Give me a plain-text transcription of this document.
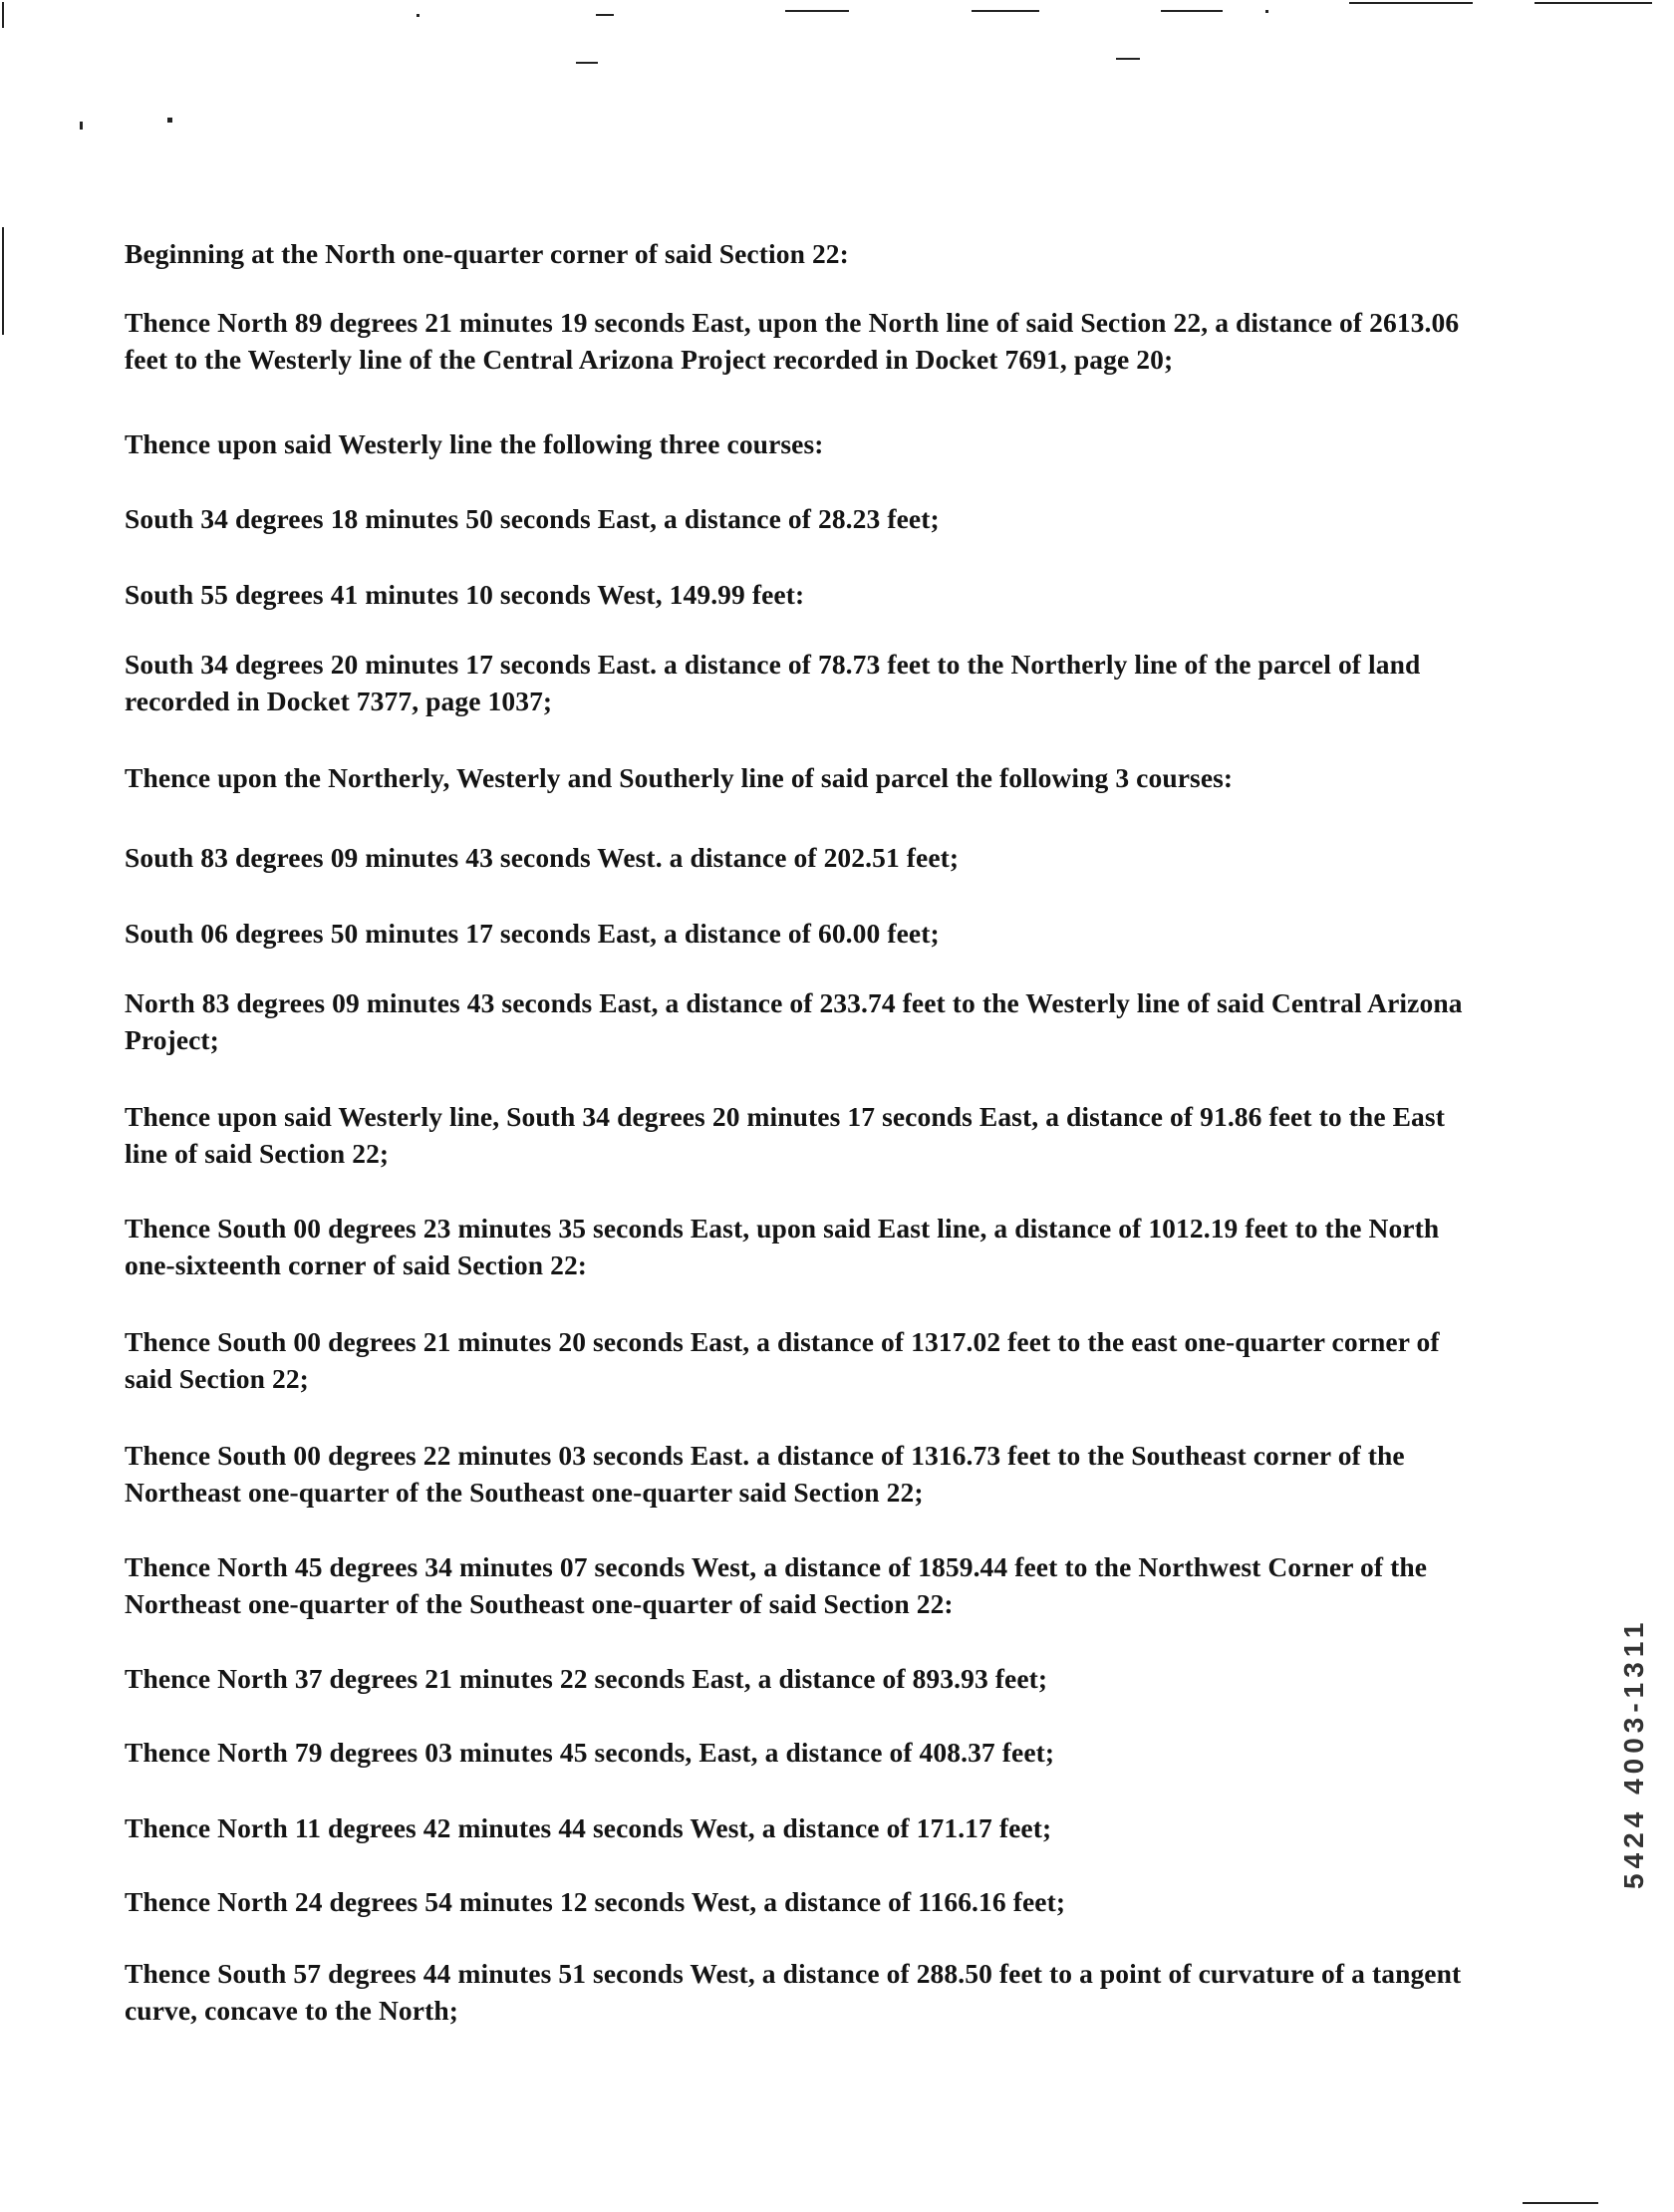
Beginning at the North one-quarter corner of said Section 22:
Thence North 89 degrees 21 minutes 19 seconds East, upon the North line of said Section 22, a distance of 2613.06
feet to the Westerly line of the Central Arizona Project recorded in Docket 7691, page 20;
Thence upon said Westerly line the following three courses:
South 34 degrees 18 minutes 50 seconds East, a distance of 28.23 feet;
South 55 degrees 41 minutes 10 seconds West, 149.99 feet:
South 34 degrees 20 minutes 17 seconds East. a distance of 78.73 feet to the Northerly line of the parcel of land
recorded in Docket 7377, page 1037;
Thence upon the Northerly, Westerly and Southerly line of said parcel the following 3 courses:
South 83 degrees 09 minutes 43 seconds West. a distance of 202.51 feet;
South 06 degrees 50 minutes 17 seconds East, a distance of 60.00 feet;
North 83 degrees 09 minutes 43 seconds East, a distance of 233.74 feet to the Westerly line of said Central Arizona
Project;
Thence upon said Westerly line, South 34 degrees 20 minutes 17 seconds East, a distance of 91.86 feet to the East
line of said Section 22;
Thence South 00 degrees 23 minutes 35 seconds East, upon said East line, a distance of 1012.19 feet to the North
one-sixteenth corner of said Section 22:
Thence South 00 degrees 21 minutes 20 seconds East, a distance of 1317.02 feet to the east one-quarter corner of
said Section 22;
Thence South 00 degrees 22 minutes 03 seconds East. a distance of 1316.73 feet to the Southeast corner of the
Northeast one-quarter of the Southeast one-quarter said Section 22;
Thence North 45 degrees 34 minutes 07 seconds West, a distance of 1859.44 feet to the Northwest Corner of the
Northeast one-quarter of the Southeast one-quarter of said Section 22:
Thence North 37 degrees 21 minutes 22 seconds East, a distance of 893.93 feet;
Thence North 79 degrees 03 minutes 45 seconds, East, a distance of 408.37 feet;
Thence North 11 degrees 42 minutes 44 seconds West, a distance of 171.17 feet;
Thence North 24 degrees 54 minutes 12 seconds West, a distance of 1166.16 feet;
Thence South 57 degrees 44 minutes 51 seconds West, a distance of 288.50 feet to a point of curvature of a tangent
curve, concave to the North;
5424 4003-1311
